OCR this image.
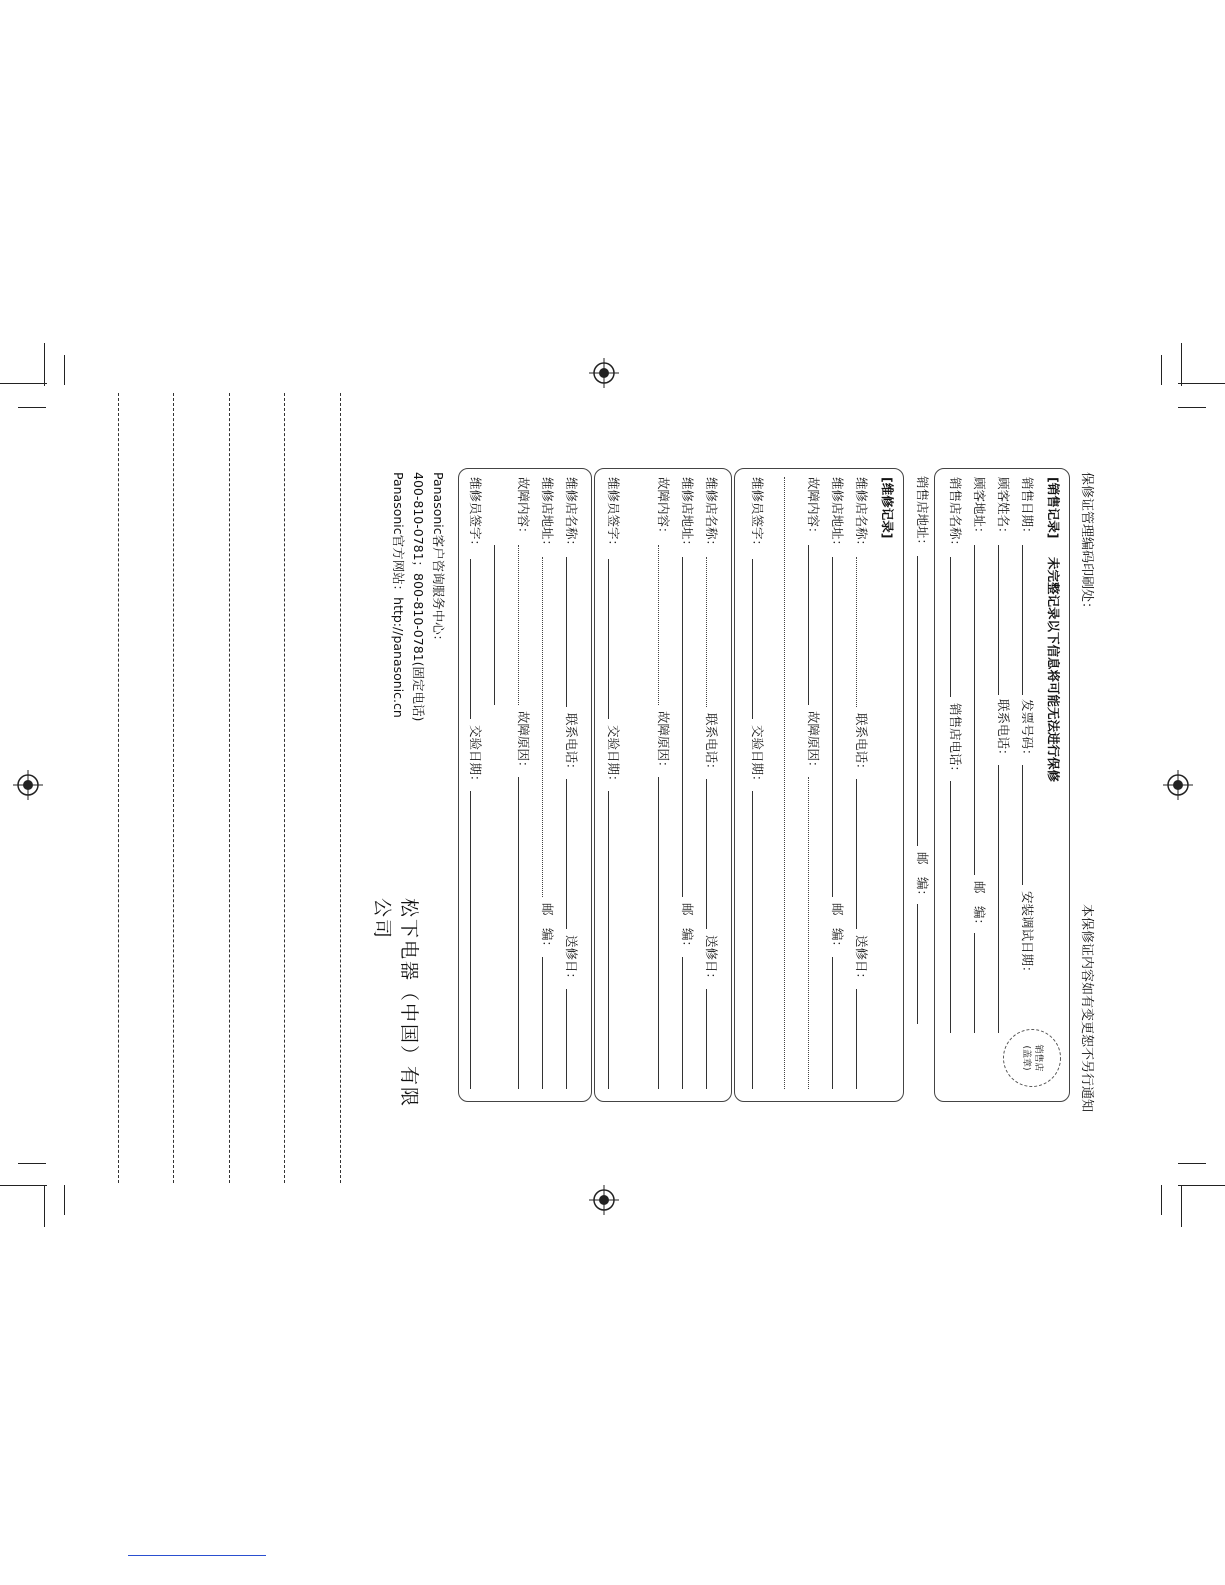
保修证管理编码印刷处：
本保修证内容如有变更恕不另行通知
[销售记录]
未完整记录以下信息将可能无法进行保修
销售日期：
发票号码：
安装调试日期：
顾客姓名：
联系电话：
顾客地址：
邮　编：
销售店名称：
销售店电话：
销售店
(盖章)
销售店地址：
邮　编：
[维修记录]
维修店名称：
联系电话：
送修日：
维修店地址：
邮　编：
故障内容：
故障原因：
维修员签字：
交验日期：
维修店名称：
联系电话：
送修日：
维修店地址：
邮　编：
故障内容：
故障原因：
维修员签字：
交验日期：
维修店名称：
联系电话：
送修日：
维修店地址：
邮　编：
故障内容：
故障原因：
维修员签字：
交验日期：
Panasonic客户咨询服务中心：
400-810-0781；800-810-0781(固定电话)
Panasonic官方网站：http://panasonic.cn
松下电器（中国）有限公司
